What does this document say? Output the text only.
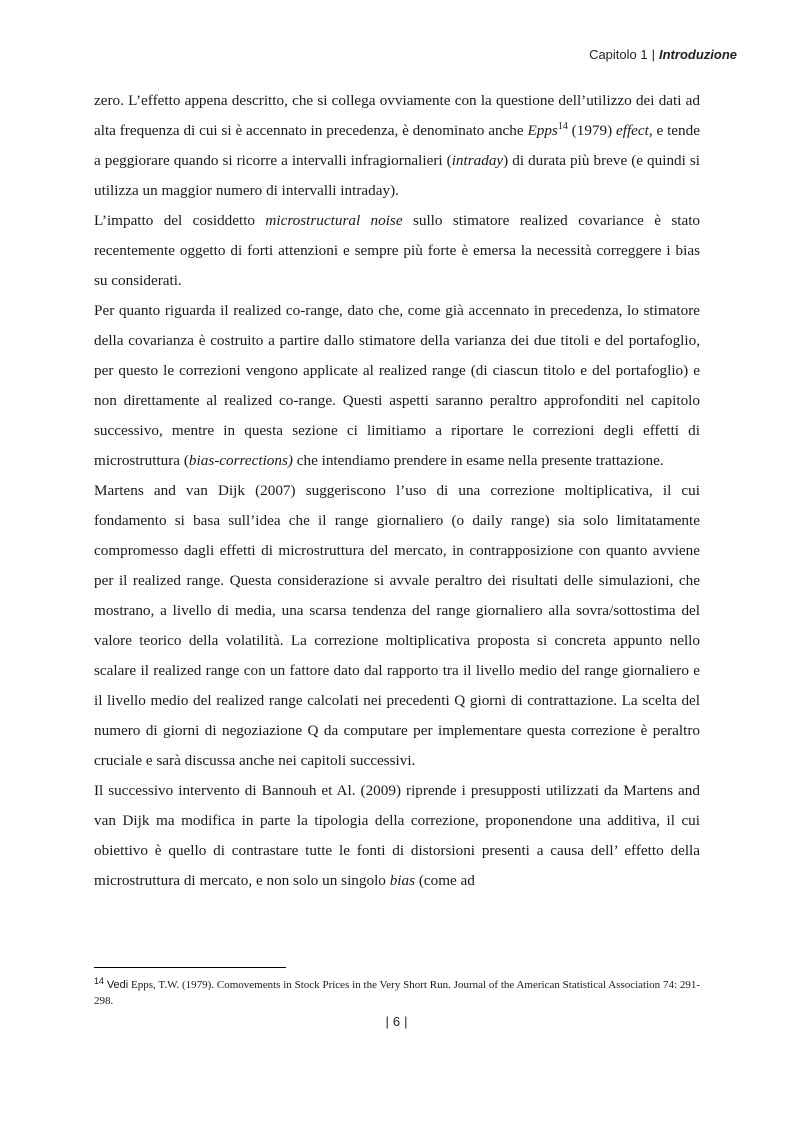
Capitolo 1 | Introduzione

zero. L’effetto appena descritto, che si collega ovviamente con la questione dell’utilizzo dei dati ad alta frequenza di cui si è accennato in precedenza, è denominato anche Epps$^{14}$ (1979) effect, e tende a peggiorare quando si ricorre a intervalli infragiornalieri (intraday) di durata più breve (e quindi si utilizza un maggior numero di intervalli intraday).

L’impatto del cosiddetto microstructural noise sullo stimatore realized covariance è stato recentemente oggetto di forti attenzioni e sempre più forte è emersa la necessità correggere i bias su considerati.

Per quanto riguarda il realized co-range, dato che, come già accennato in precedenza, lo stimatore della covarianza è costruito a partire dallo stimatore della varianza dei due titoli e del portafoglio, per questo le correzioni vengono applicate al realized range (di ciascun titolo e del portafoglio) e non direttamente al realized co-range. Questi aspetti saranno peraltro approfonditi nel capitolo successivo, mentre in questa sezione ci limitiamo a riportare le correzioni degli effetti di microstruttura (bias-corrections) che intendiamo prendere in esame nella presente trattazione.

Martens and van Dijk (2007) suggeriscono l’uso di una correzione moltiplicativa, il cui fondamento si basa sull’idea che il range giornaliero (o daily range) sia solo limitatamente compromesso dagli effetti di microstruttura del mercato, in contrapposizione con quanto avviene per il realized range. Questa considerazione si avvale peraltro dei risultati delle simulazioni, che mostrano, a livello di media, una scarsa tendenza del range giornaliero alla sovra/sottostima del valore teorico della volatilità. La correzione moltiplicativa proposta si concreta appunto nello scalare il realized range con un fattore dato dal rapporto tra il livello medio del range giornaliero e il livello medio del realized range calcolati nei precedenti Q giorni di contrattazione. La scelta del numero di giorni di negoziazione Q da computare per implementare questa correzione è peraltro cruciale e sarà discussa anche nei capitoli successivi.

Il successivo intervento di Bannouh et Al. (2009) riprende i presupposti utilizzati da Martens and van Dijk ma modifica in parte la tipologia della correzione, proponendone una additiva, il cui obiettivo è quello di contrastare tutte le fonti di distorsioni presenti a causa dell’ effetto della microstruttura di mercato, e non solo un singolo bias (come ad

$^{14}$ Vedi Epps, T.W. (1979). Comovements in Stock Prices in the Very Short Run. Journal of the American Statistical Association 74: 291-298.
| 6 |
